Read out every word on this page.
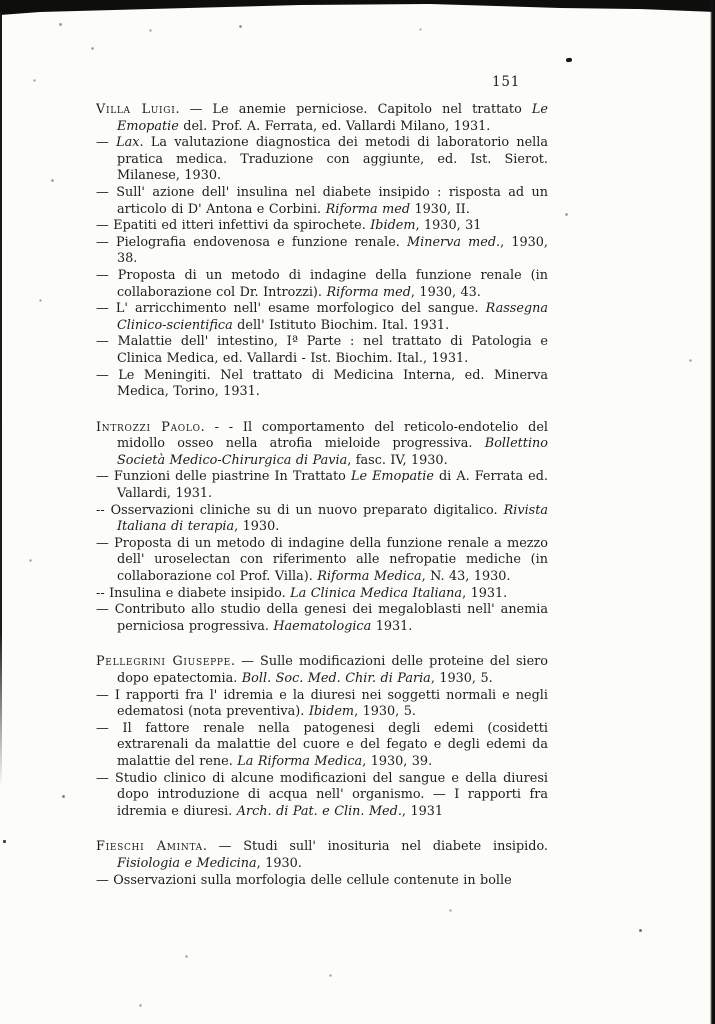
151
Villa Luigi. — Le anemie perniciose. Capitolo nel trattato Le Emopatie del. Prof. A. Ferrata, ed. Vallardi Milano, 1931.
— Lax. La valutazione diagnostica dei metodi di laboratorio nella pratica medica. Traduzione con aggiunte, ed. Ist. Sierot. Milanese, 1930.
— Sull' azione dell' insulina nel diabete insipido : risposta ad un articolo di D' Antona e Corbini. Riforma med 1930, II.
— Epatiti ed itteri infettivi da spirochete. Ibidem, 1930, 31
— Pielografia endovenosa e funzione renale. Minerva med., 1930, 38.
— Proposta di un metodo di indagine della funzione renale (in collaborazione col Dr. Introzzi). Riforma med, 1930, 43.
— L' arricchimento nell' esame morfologico del sangue. Rassegna Clinico-scientifica dell' Istituto Biochim. Ital. 1931.
— Malattie dell' intestino, Iª Parte : nel trattato di Patologia e Clinica Medica, ed. Vallardi - Ist. Biochim. Ital., 1931.
— Le Meningiti. Nel trattato di Medicina Interna, ed. Minerva Medica, Torino, 1931.
Introzzi Paolo. - - Il comportamento del reticolo-endotelio del midollo osseo nella atrofia mieloide progressiva. Bollettino Società Medico-Chirurgica di Pavia, fasc. IV, 1930.
— Funzioni delle piastrine In Trattato Le Emopatie di A. Ferrata ed. Vallardi, 1931.
-- Osservazioni cliniche su di un nuovo preparato digitalico. Rivista Italiana di terapia, 1930.
— Proposta di un metodo di indagine della funzione renale a mezzo dell' uroselectan con riferimento alle nefropatie mediche (in collaborazione col Prof. Villa). Riforma Medica, N. 43, 1930.
-- Insulina e diabete insipido. La Clinica Medica Italiana, 1931.
— Contributo allo studio della genesi dei megaloblasti nell' anemia perniciosa progressiva. Haematologica 1931.
Pellegrini Giuseppe. — Sulle modificazioni delle proteine del siero dopo epatectomia. Boll. Soc. Med. Chir. di Paria, 1930, 5.
— I rapporti fra l' idremia e la diuresi nei soggetti normali e negli edematosi (nota preventiva). Ibidem, 1930, 5.
— Il fattore renale nella patogenesi degli edemi (cosidetti extrarenali da malattie del cuore e del fegato e degli edemi da malattie del rene. La Riforma Medica, 1930, 39.
— Studio clinico di alcune modificazioni del sangue e della diuresi dopo introduzione di acqua nell' organismo. — I rapporti fra idremia e diuresi. Arch. di Pat. e Clin. Med., 1931
Fieschi Aminta. — Studi sull' inosituria nel diabete insipido. Fisiologia e Medicina, 1930.
— Osservazioni sulla morfologia delle cellule contenute in bolle
